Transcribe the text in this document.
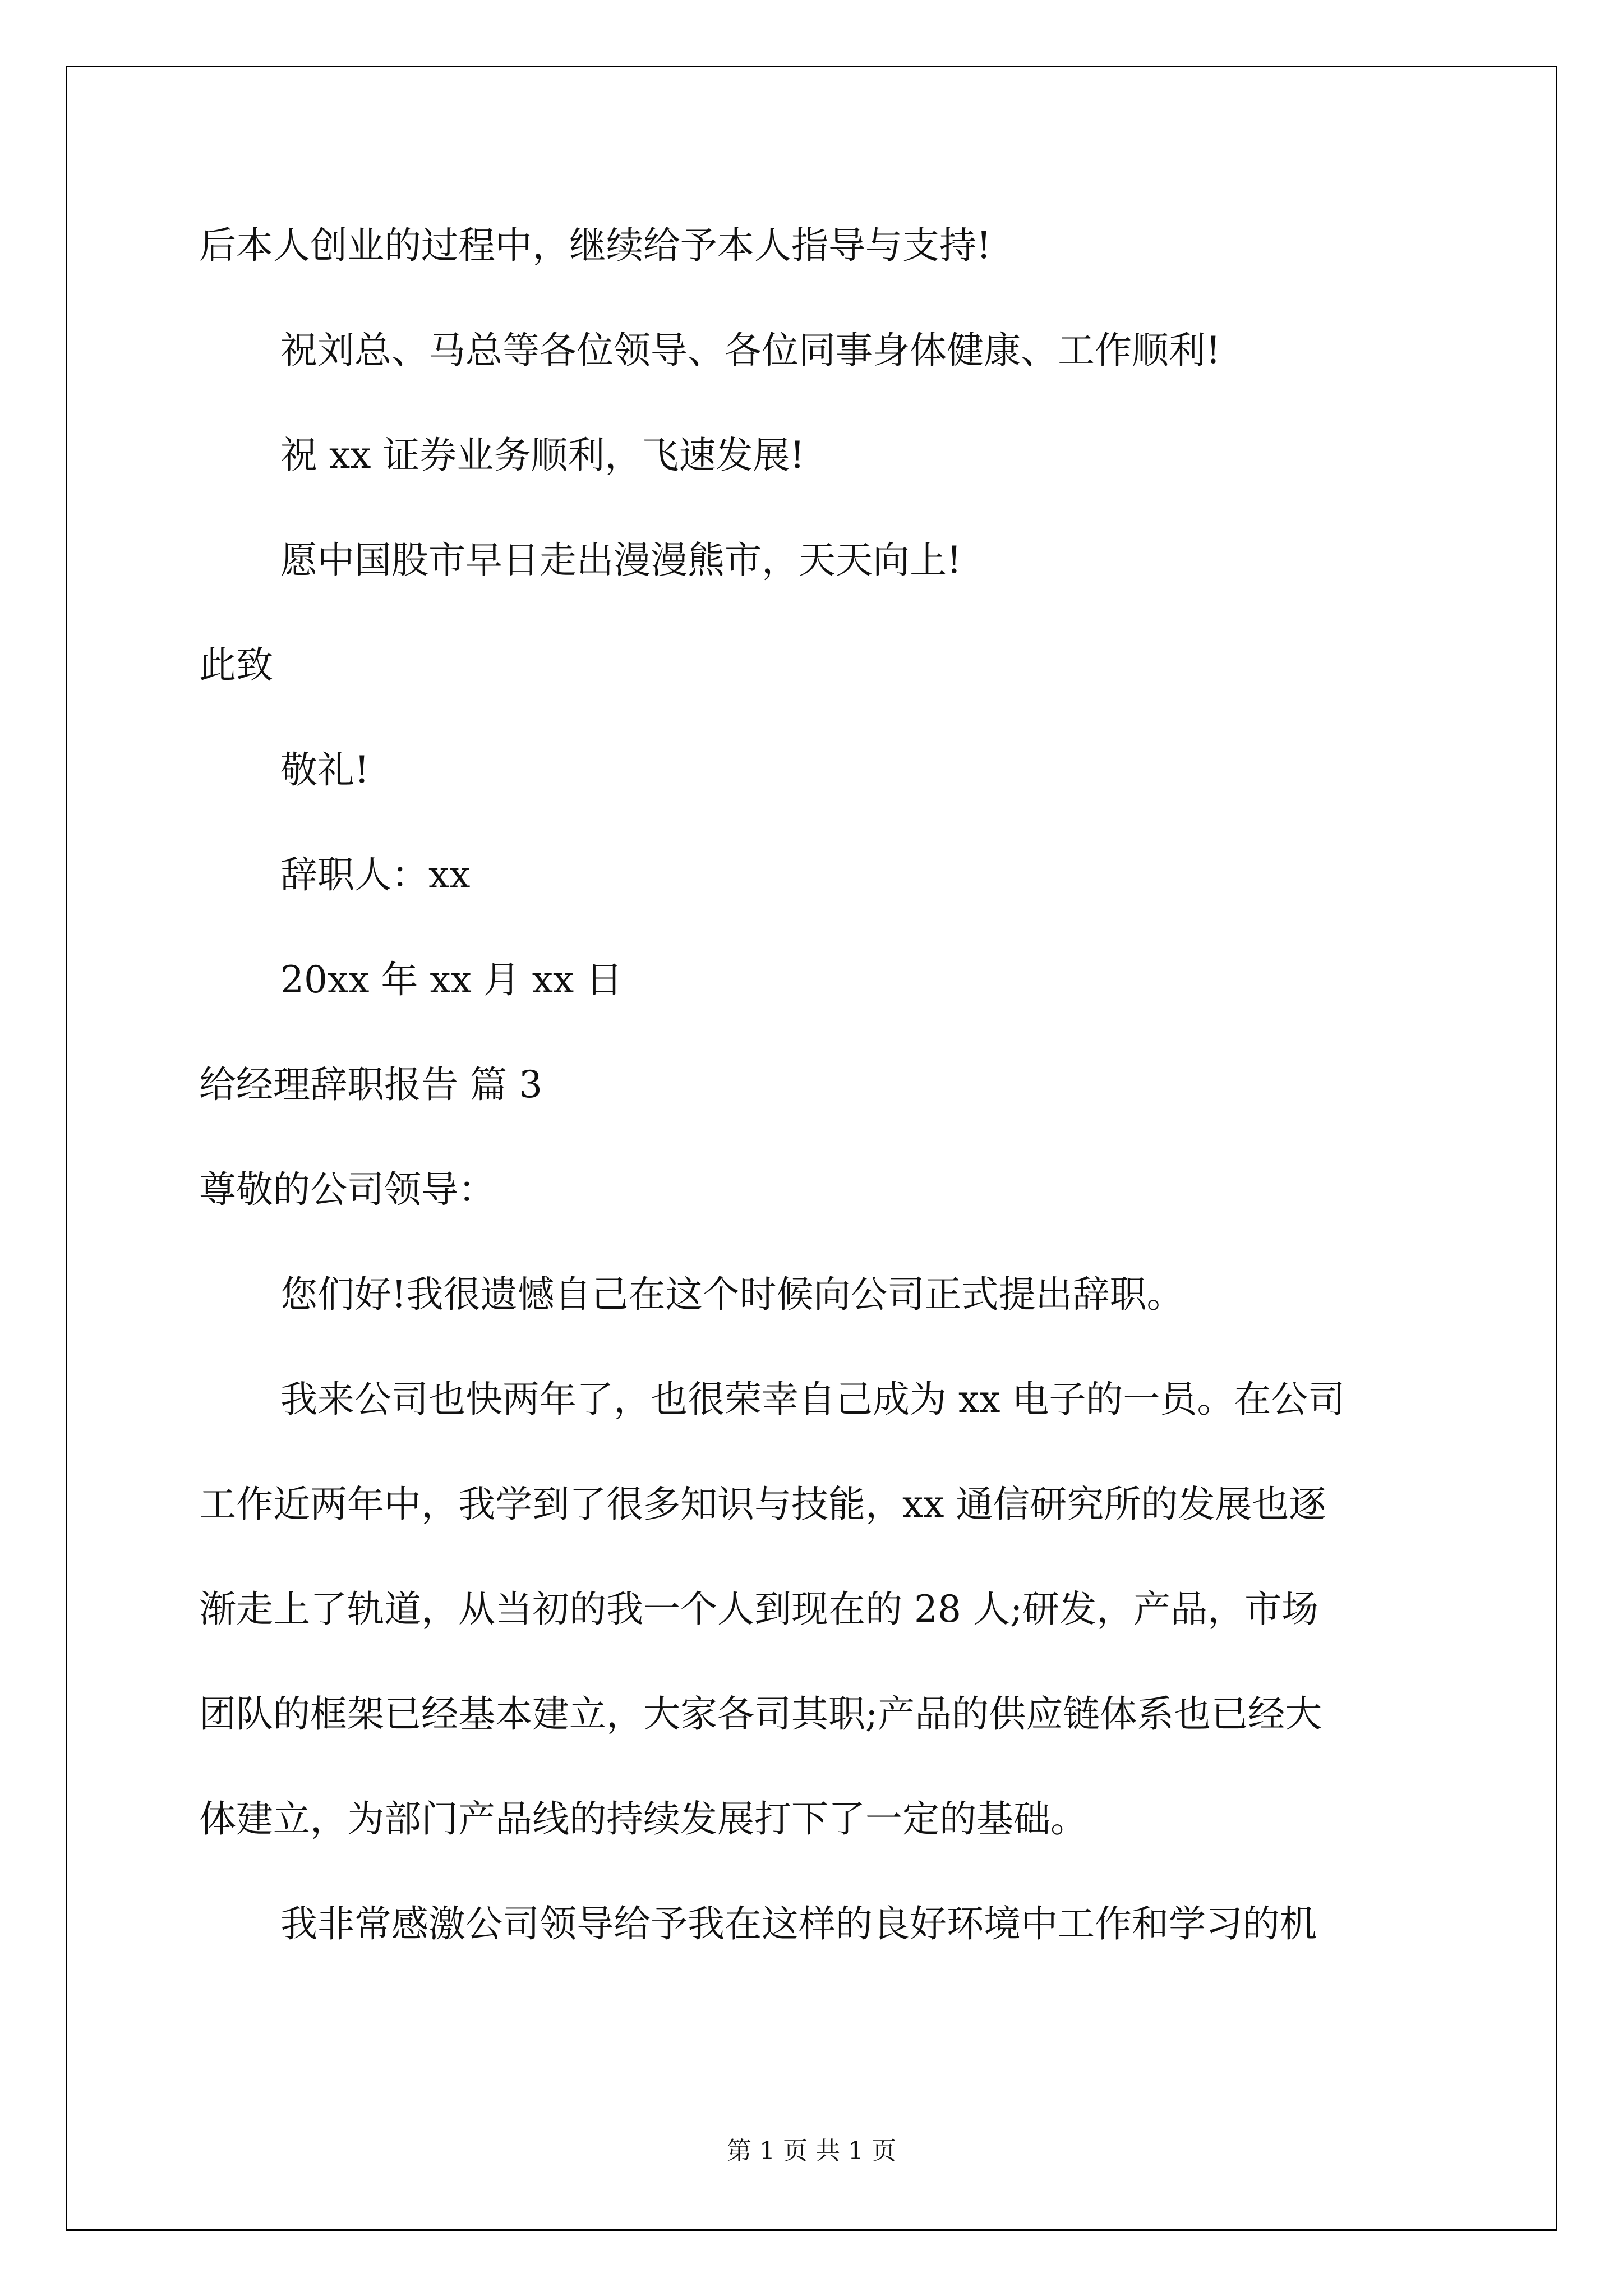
后本人创业的过程中，继续给予本人指导与支持!
祝刘总、马总等各位领导、各位同事身体健康、工作顺利!
祝 xx 证券业务顺利，飞速发展!
愿中国股市早日走出漫漫熊市，天天向上!
此致
敬礼!
辞职人：xx
20xx 年 xx 月 xx 日
给经理辞职报告 篇 3
尊敬的公司领导：
您们好!我很遗憾自己在这个时候向公司正式提出辞职。
我来公司也快两年了，也很荣幸自己成为 xx 电子的一员。在公司
工作近两年中，我学到了很多知识与技能，xx 通信研究所的发展也逐
渐走上了轨道，从当初的我一个人到现在的 28 人;研发，产品，市场
团队的框架已经基本建立，大家各司其职;产品的供应链体系也已经大
体建立，为部门产品线的持续发展打下了一定的基础。
我非常感激公司领导给予我在这样的良好环境中工作和学习的机
第 1 页 共 1 页
